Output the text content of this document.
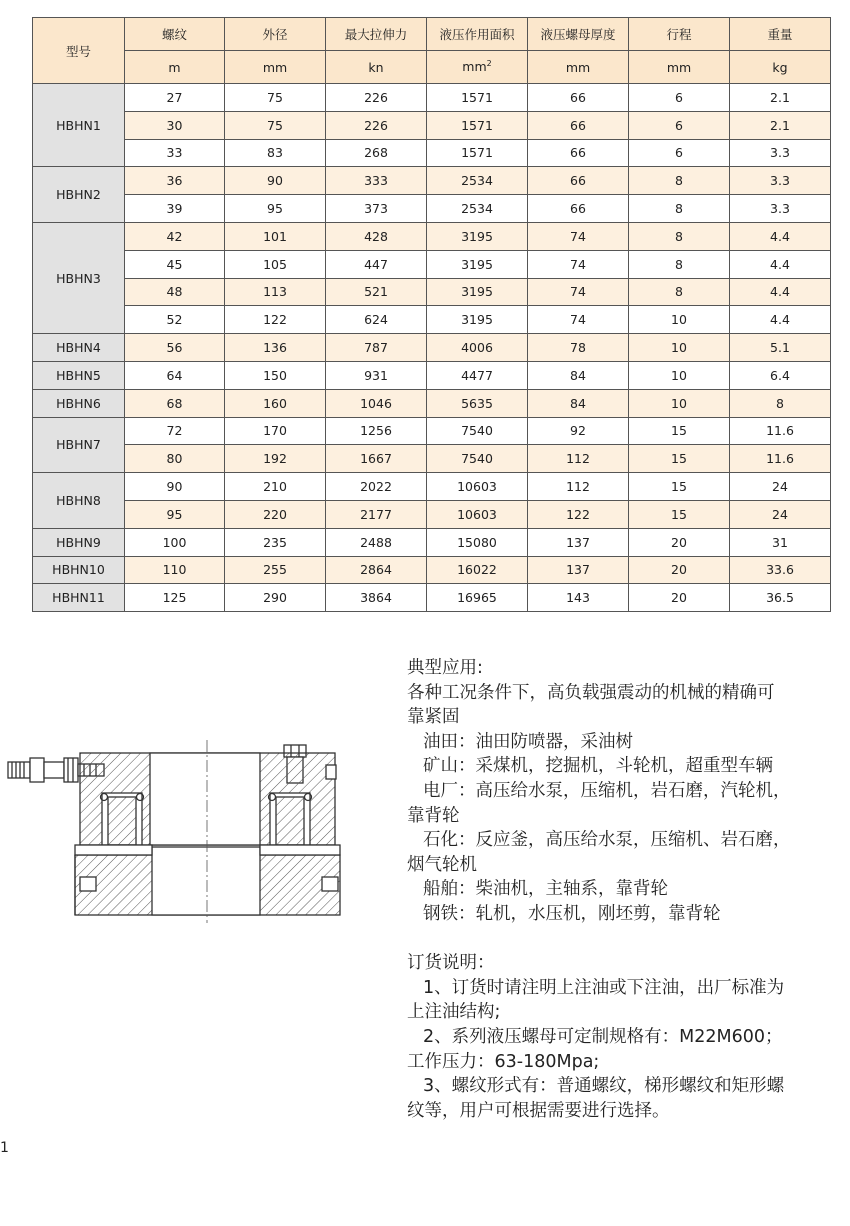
型号	螺纹	外径	最大拉伸力	液压作用面积	液压螺母厚度	行程	重量
	m	mm	kn	$mm^2$	mm	mm	kg
HBHN1	27	75	226	1571	66	6	2.1
	30	75	226	1571	66	6	2.1
	33	83	268	1571	66	6	3.3
HBHN2	36	90	333	2534	66	8	3.3
	39	95	373	2534	66	8	3.3
HBHN3	42	101	428	3195	74	8	4.4
	45	105	447	3195	74	8	4.4
	48	113	521	3195	74	8	4.4
	52	122	624	3195	74	10	4.4
HBHN4	56	136	787	4006	78	10	5.1
HBHN5	64	150	931	4477	84	10	6.4
HBHN6	68	160	1046	5635	84	10	8
HBHN7	72	170	1256	7540	92	15	11.6
	80	192	1667	7540	112	15	11.6
HBHN8	90	210	2022	10603	112	15	24
	95	220	2177	10603	122	15	24
HBHN9	100	235	2488	15080	137	20	31
HBHN10	110	255	2864	16022	137	20	33.6
HBHN11	125	290	3864	16965	143	20	36.5

典型应用:

各种工况条件下，高负载强震动的机械的精确可

靠紧固

油田：油田防喷器，采油树

矿山：采煤机，挖掘机，斗轮机，超重型车辆

电厂：高压给水泵，压缩机，岩石磨，汽轮机，

靠背轮

石化：反应釜，高压给水泵，压缩机、岩石磨，

烟气轮机

船舶：柴油机，主轴系，靠背轮

钢铁：轧机，水压机，刚坯剪，靠背轮

订货说明：

1、订货时请注明上注油或下注油，出厂标准为

上注油结构;

2、系列液压螺母可定制规格有：M22M600；

工作压力：63-180Mpa;

3、螺纹形式有：普通螺纹，梯形螺纹和矩形螺

纹等，用户可根据需要进行选择。

1
